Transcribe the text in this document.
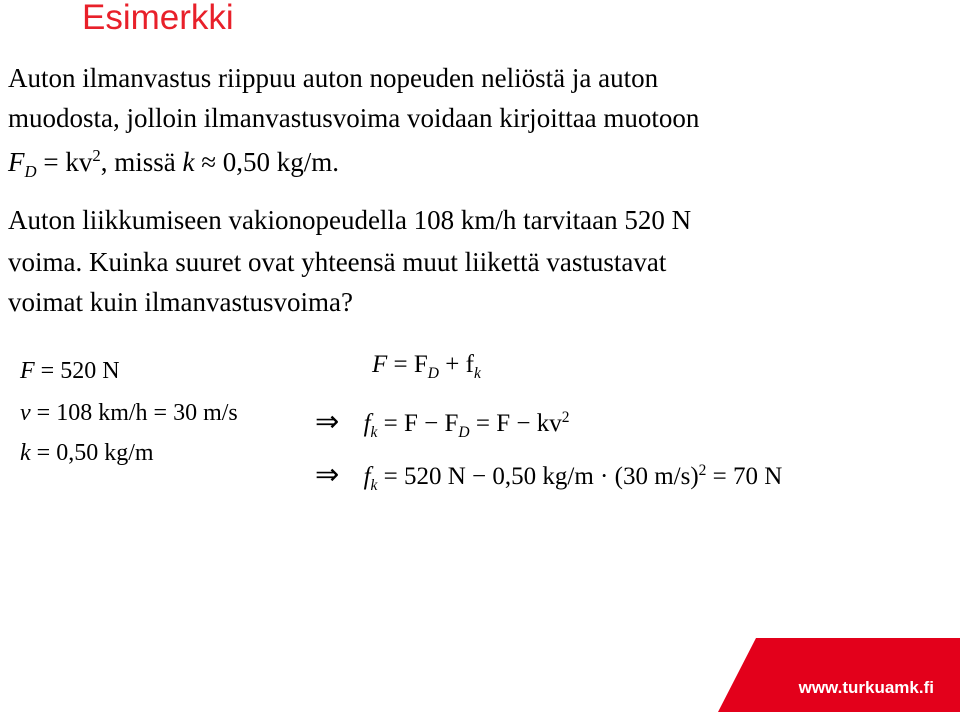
Esimerkki
Auton ilmanvastus riippuu auton nopeuden neliöstä ja auton
muodosta, jolloin ilmanvastusvoima voidaan kirjoittaa muotoon
$F_D = kv^2$, missä k ≈ 0,50 kg/m.
Auton liikkumiseen vakionopeudella 108 km/h tarvitaan 520 N
voima. Kuinka suuret ovat yhteensä muut liikettä vastustavat
voimat kuin ilmanvastusvoima?
F = 520 N
v = 108 km/h = 30 m/s
k = 0,50 kg/m
$F = F_D + f_k$
⇒ $f_k = F - F_D = F - kv^2$
⇒ $f_k = 520$ N − 0,50 kg/m · (30 m/s)$^2$ = 70 N
www.turkuamk.fi
